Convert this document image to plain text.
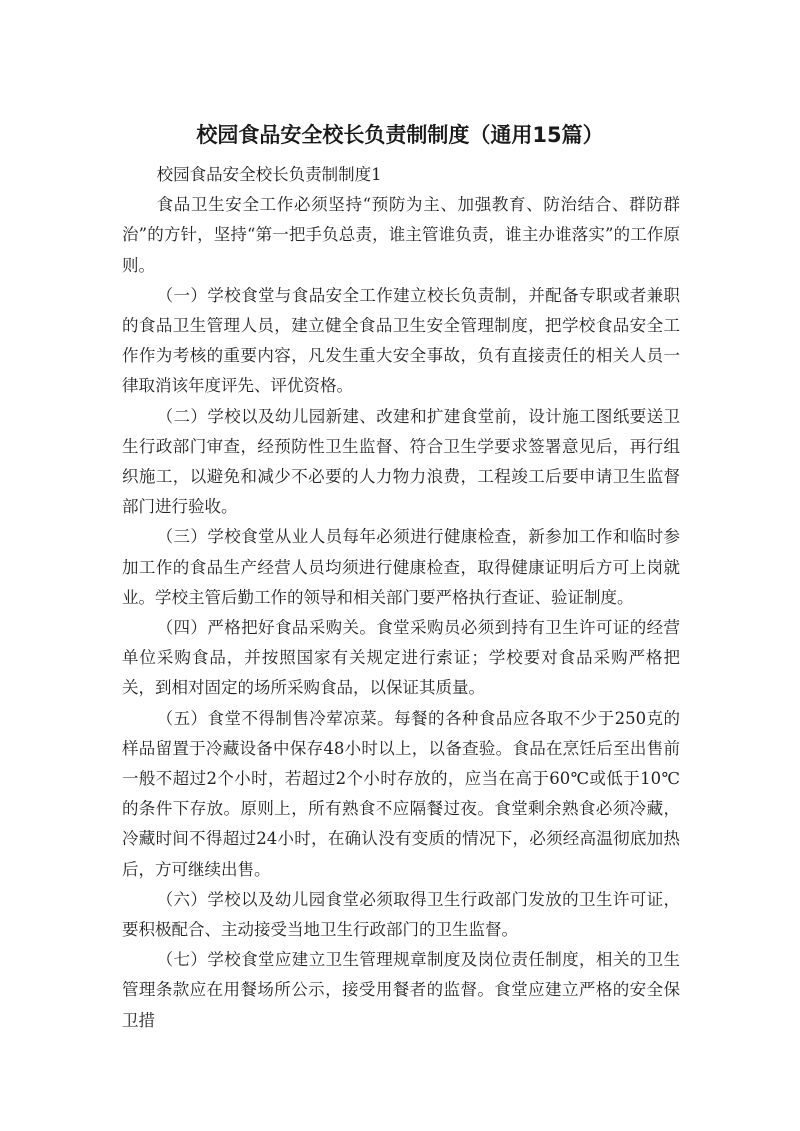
校园食品安全校长负责制制度（通用15篇）

校园食品安全校长负责制制度1

食品卫生安全工作必须坚持“预防为主、加强教育、防治结合、群防群治”的方针，坚持“第一把手负总责，谁主管谁负责，谁主办谁落实”的工作原则。

（一）学校食堂与食品安全工作建立校长负责制，并配备专职或者兼职的食品卫生管理人员，建立健全食品卫生安全管理制度，把学校食品安全工作作为考核的重要内容，凡发生重大安全事故，负有直接责任的相关人员一律取消该年度评先、评优资格。

（二）学校以及幼儿园新建、改建和扩建食堂前，设计施工图纸要送卫生行政部门审查，经预防性卫生监督、符合卫生学要求签署意见后，再行组织施工，以避免和减少不必要的人力物力浪费，工程竣工后要申请卫生监督部门进行验收。

（三）学校食堂从业人员每年必须进行健康检查，新参加工作和临时参加工作的食品生产经营人员均须进行健康检查，取得健康证明后方可上岗就业。学校主管后勤工作的领导和相关部门要严格执行查证、验证制度。

（四）严格把好食品采购关。食堂采购员必须到持有卫生许可证的经营单位采购食品，并按照国家有关规定进行索证；学校要对食品采购严格把关，到相对固定的场所采购食品，以保证其质量。

（五）食堂不得制售冷荤凉菜。每餐的各种食品应各取不少于250克的样品留置于冷藏设备中保存48小时以上，以备查验。食品在烹饪后至出售前一般不超过2个小时，若超过2个小时存放的，应当在高于60℃或低于10℃的条件下存放。原则上，所有熟食不应隔餐过夜。食堂剩余熟食必须冷藏，冷藏时间不得超过24小时，在确认没有变质的情况下，必须经高温彻底加热后，方可继续出售。

（六）学校以及幼儿园食堂必须取得卫生行政部门发放的卫生许可证，要积极配合、主动接受当地卫生行政部门的卫生监督。

（七）学校食堂应建立卫生管理规章制度及岗位责任制度，相关的卫生管理条款应在用餐场所公示，接受用餐者的监督。食堂应建立严格的安全保卫措
